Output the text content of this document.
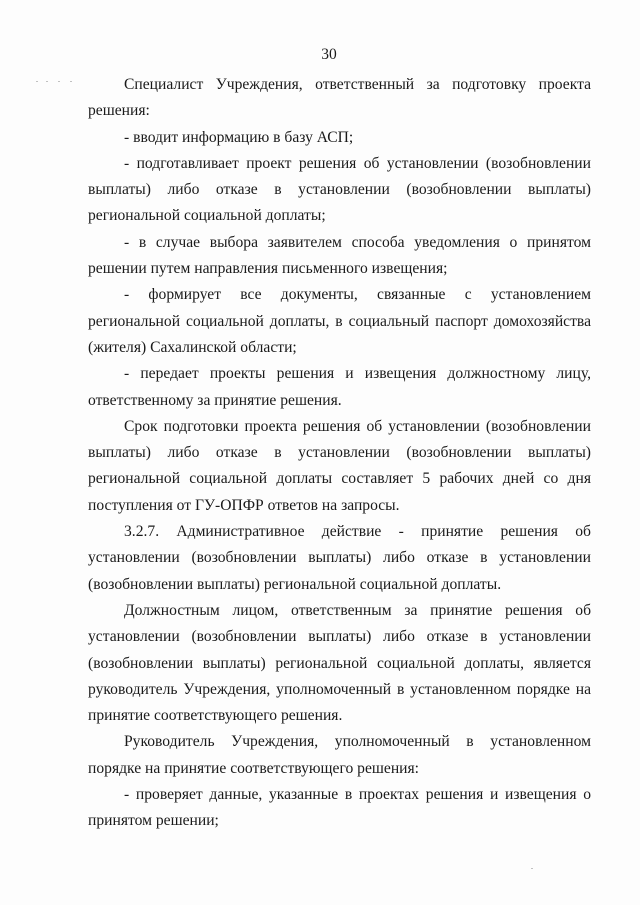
30

Специалист Учреждения, ответственный за подготовку проекта решения:

- вводит информацию в базу АСП;

- подготавливает проект решения об установлении (возобновлении выплаты) либо отказе в установлении (возобновлении выплаты) региональной социальной доплаты;

- в случае выбора заявителем способа уведомления о принятом решении путем направления письменного извещения;

- формирует все документы, связанные с установлением региональной социальной доплаты, в социальный паспорт домохозяйства (жителя) Сахалинской области;

- передает проекты решения и извещения должностному лицу, ответственному за принятие решения.

Срок подготовки проекта решения об установлении (возобновлении выплаты) либо отказе в установлении (возобновлении выплаты) региональной социальной доплаты составляет 5 рабочих дней со дня поступления от ГУ-ОПФР ответов на запросы.

3.2.7. Административное действие - принятие решения об установлении (возобновлении выплаты) либо отказе в установлении (возобновлении выплаты) региональной социальной доплаты.

Должностным лицом, ответственным за принятие решения об установлении (возобновлении выплаты) либо отказе в установлении (возобновлении выплаты) региональной социальной доплаты, является руководитель Учреждения, уполномоченный в установленном порядке на принятие соответствующего решения.

Руководитель Учреждения, уполномоченный в установленном порядке на принятие соответствующего решения:

- проверяет данные, указанные в проектах решения и извещения о принятом решении;
